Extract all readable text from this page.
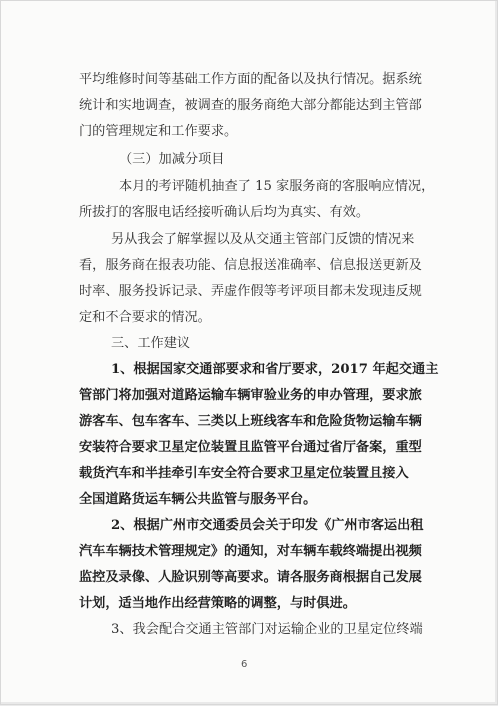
平均维修时间等基础工作方面的配备以及执行情况。据系统
统计和实地调查，被调查的服务商绝大部分都能达到主管部
门的管理规定和工作要求。
（三）加减分项目
本月的考评随机抽查了 15 家服务商的客服响应情况，
所拔打的客服电话经接听确认后均为真实、有效。
另从我会了解掌握以及从交通主管部门反馈的情况来
看，服务商在报表功能、信息报送准确率、信息报送更新及
时率、服务投诉记录、弄虚作假等考评项目都未发现违反规
定和不合要求的情况。
三、工作建议
1、根据国家交通部要求和省厅要求，2017 年起交通主
管部门将加强对道路运输车辆审验业务的申办管理，要求旅
游客车、包车客车、三类以上班线客车和危险货物运输车辆
安装符合要求卫星定位装置且监管平台通过省厅备案，重型
载货汽车和半挂牵引车安全符合要求卫星定位装置且接入
全国道路货运车辆公共监管与服务平台。
2、根据广州市交通委员会关于印发《广州市客运出租
汽车车辆技术管理规定》的通知，对车辆车载终端提出视频
监控及录像、人脸识别等高要求。请各服务商根据自己发展
计划，适当地作出经营策略的调整，与时俱进。
3、我会配合交通主管部门对运输企业的卫星定位终端
6
